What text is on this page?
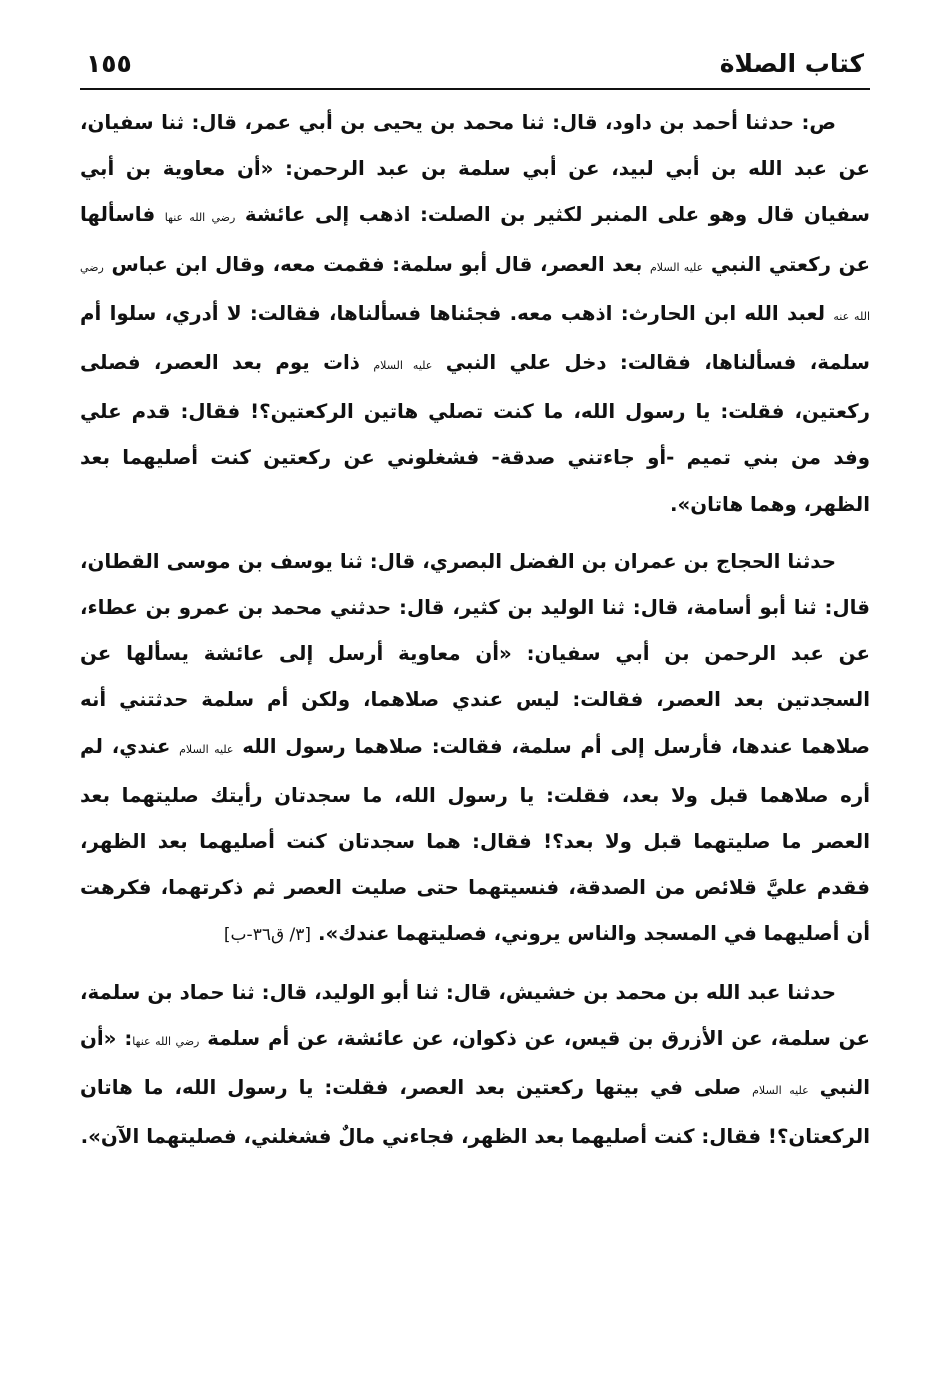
كتاب الصلاة
١٥٥

ص: حدثنا أحمد بن داود، قال: ثنا محمد بن يحيى بن أبي عمر، قال: ثنا سفيان، عن عبد الله بن أبي لبيد، عن أبي سلمة بن عبد الرحمن: «أن معاوية بن أبي سفيان قال وهو على المنبر لكثير بن الصلت: اذهب إلى عائشة رضي الله عنها فاسألها عن ركعتي النبي عليه السلام بعد العصر، قال أبو سلمة: فقمت معه، وقال ابن عباس رضي الله عنه لعبد الله ابن الحارث: اذهب معه. فجئناها فسألناها، فقالت: لا أدري، سلوا أم سلمة، فسألناها، فقالت: دخل علي النبي عليه السلام ذات يوم بعد العصر، فصلى ركعتين، فقلت: يا رسول الله، ما كنت تصلي هاتين الركعتين؟! فقال: قدم علي وفد من بني تميم -أو جاءتني صدقة- فشغلوني عن ركعتين كنت أصليهما بعد الظهر، وهما هاتان».

حدثنا الحجاج بن عمران بن الفضل البصري، قال: ثنا يوسف بن موسى القطان، قال: ثنا أبو أسامة، قال: ثنا الوليد بن كثير، قال: حدثني محمد بن عمرو بن عطاء، عن عبد الرحمن بن أبي سفيان: «أن معاوية أرسل إلى عائشة يسألها عن السجدتين بعد العصر، فقالت: ليس عندي صلاهما، ولكن أم سلمة حدثتني أنه صلاهما عندها، فأرسل إلى أم سلمة، فقالت: صلاهما رسول الله عليه السلام عندي، لم أره صلاهما قبل ولا بعد، فقلت: يا رسول الله، ما سجدتان رأيتك صليتهما بعد العصر ما صليتهما قبل ولا بعد؟! فقال: هما سجدتان كنت أصليهما بعد الظهر، فقدم عليَّ قلائص من الصدقة، فنسيتهما حتى صليت العصر ثم ذكرتهما، فكرهت أن أصليهما في المسجد والناس يروني، فصليتهما عندك». [٣/ ق٣٦-ب]

حدثنا عبد الله بن محمد بن خشيش، قال: ثنا أبو الوليد، قال: ثنا حماد بن سلمة، عن سلمة، عن الأزرق بن قيس، عن ذكوان، عن عائشة، عن أم سلمة رضي الله عنها: «أن النبي عليه السلام صلى في بيتها ركعتين بعد العصر، فقلت: يا رسول الله، ما هاتان الركعتان؟! فقال: كنت أصليهما بعد الظهر، فجاءني مالٌ فشغلني، فصليتهما الآن».
